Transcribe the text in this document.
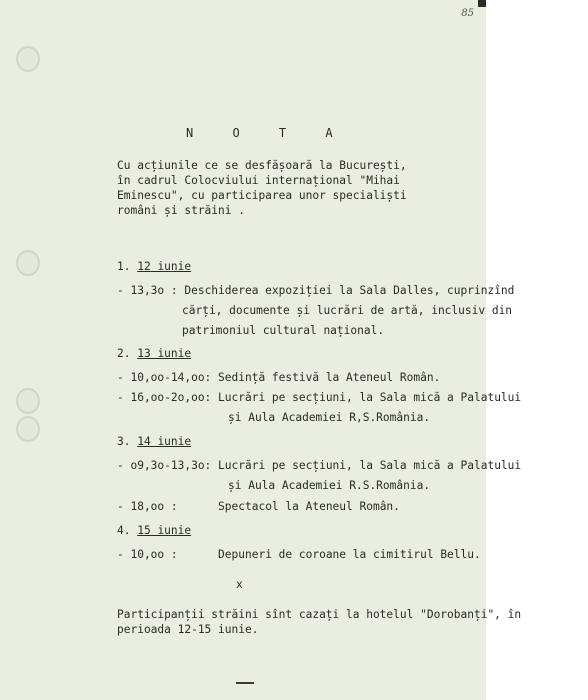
85
N O T A
Cu acțiunile ce se desfășoară la București,
în cadrul Colocviului internațional "Mihai
Eminescu", cu participarea unor specialiști
români și străini .
1. 12 iunie
- 13,3o : Deschiderea expoziției la Sala Dalles, cuprinzînd
cărți, documente și lucrări de artă, inclusiv din
patrimoniul cultural național.
2. 13 iunie
- 10,oo-14,oo: Sedință festivă la Ateneul Român.
- 16,oo-2o,oo: Lucrări pe secțiuni, la Sala mică a Palatului
și Aula Academiei R,S.România.
3. 14 iunie
- o9,3o-13,3o: Lucrări pe secțiuni, la Sala mică a Palatului
și Aula Academiei R.S.România.
- 18,oo : Spectacol la Ateneul Român.
4. 15 iunie
- 10,oo : Depuneri de coroane la cimitirul Bellu.
x
Participanții străini sînt cazați la hotelul "Dorobanți", în
perioada 12-15 iunie.
